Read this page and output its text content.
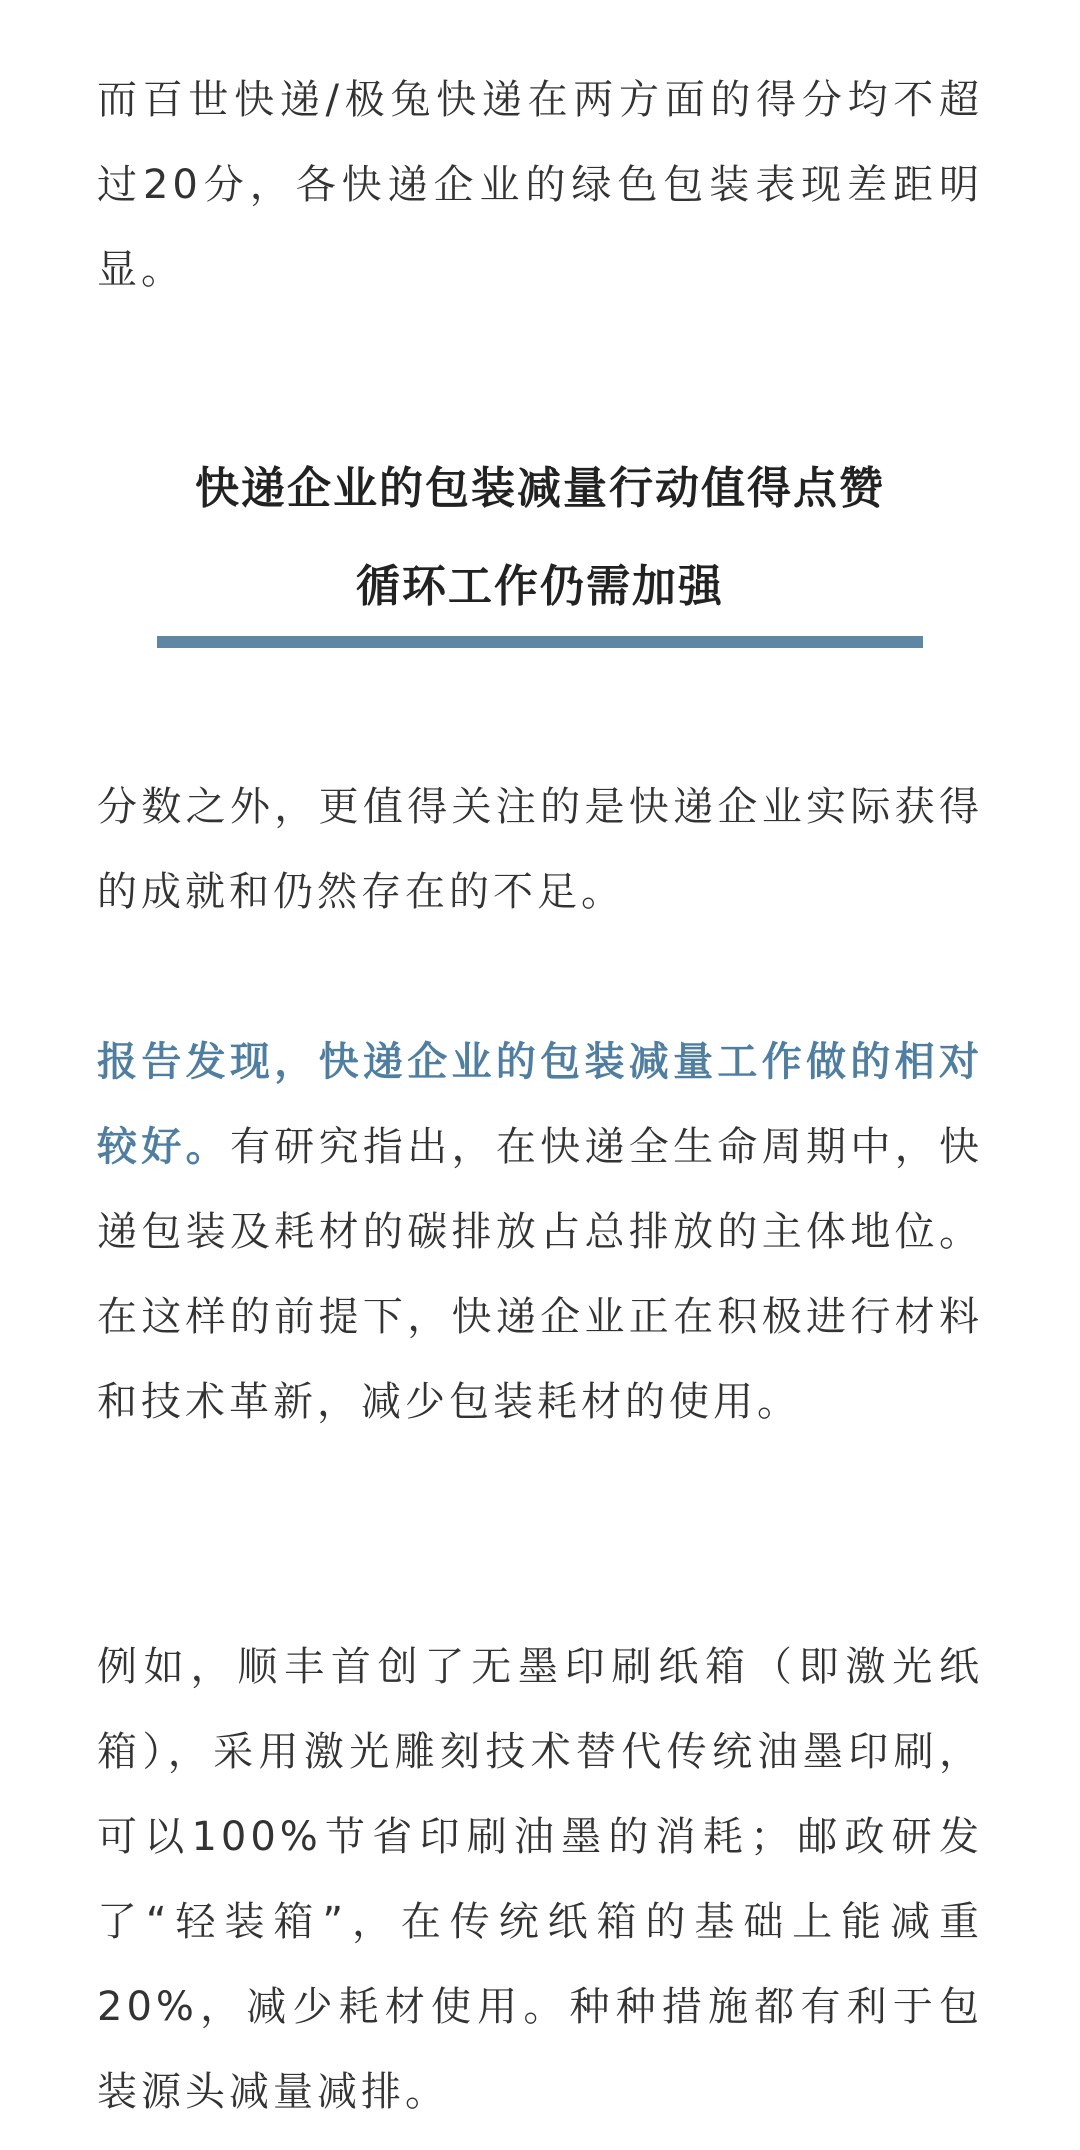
而百世快递/极兔快递在两方面的得分均不超过20分，各快递企业的绿色包装表现差距明显。

快递企业的包装减量行动值得点赞
循环工作仍需加强

分数之外，更值得关注的是快递企业实际获得的成就和仍然存在的不足。

报告发现，快递企业的包装减量工作做的相对较好。有研究指出，在快递全生命周期中，快递包装及耗材的碳排放占总排放的主体地位。在这样的前提下，快递企业正在积极进行材料和技术革新，减少包装耗材的使用。

例如，顺丰首创了无墨印刷纸箱（即激光纸箱），采用激光雕刻技术替代传统油墨印刷，可以100%节省印刷油墨的消耗；邮政研发了“轻装箱”，在传统纸箱的基础上能减重20%，减少耗材使用。种种措施都有利于包装源头减量减排。
